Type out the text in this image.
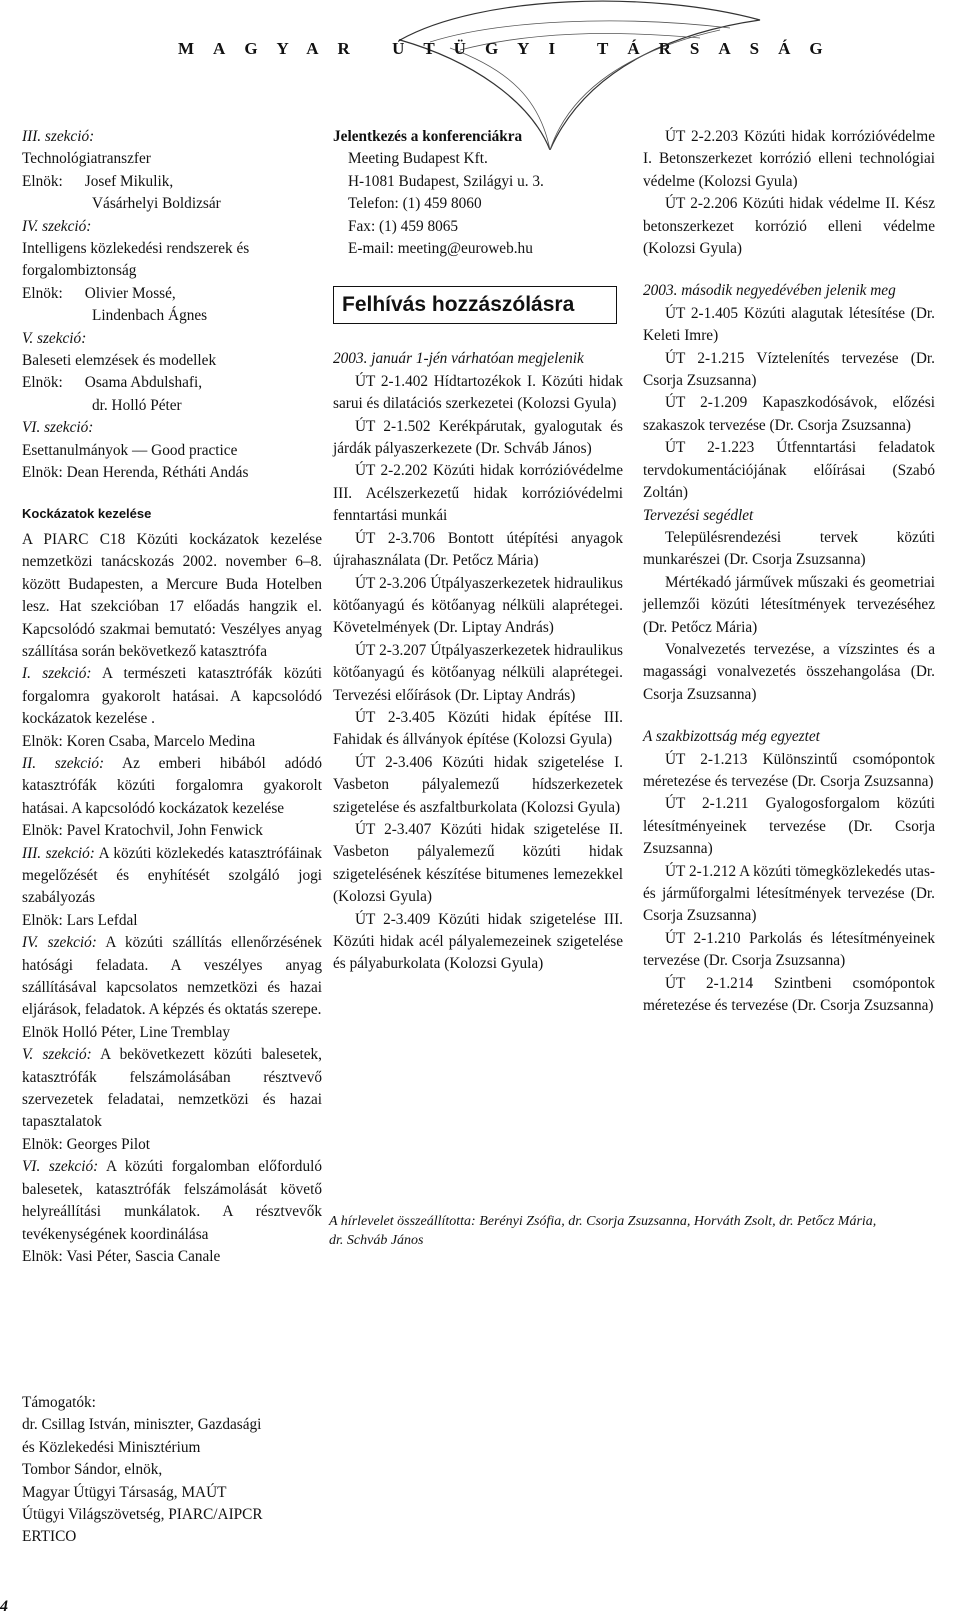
MAGYAR ÚTÜGYI TÁRSASÁG
III. szekció:
Technológiatranszfer
Elnök: Josef Mikulik,
Vásárhelyi Boldizsár
IV. szekció:
Intelligens közlekedési rendszerek és forgalombiztonság
Elnök: Olivier Mossé,
Lindenbach Ágnes
V. szekció:
Baleseti elemzések és modellek
Elnök: Osama Abdulshafi,
dr. Holló Péter
VI. szekció:
Esettanulmányok — Good practice
Elnök: Dean Herenda, Rétháti Andás
Kockázatok kezelése

A PIARC C18 Közúti kockázatok kezelése nemzetközi tanácskozás 2002. november 6–8. között Budapesten, a Mercure Buda Hotelben lesz. Hat szekcióban 17 előadás hangzik el. Kapcsolódó szakmai bemutató: Veszélyes anyag szállítása során bekövetkező katasztrófa

I. szekció: A természeti katasztrófák közúti forgalomra gyakorolt hatásai. A kapcsolódó kockázatok kezelése .

Elnök: Koren Csaba, Marcelo Medina

II. szekció: Az emberi hibából adódó katasztrófák közúti forgalomra gyakorolt hatásai. A kapcsolódó kockázatok kezelése

Elnök: Pavel Kratochvil, John Fenwick

III. szekció: A közúti közlekedés katasztrófáinak megelőzését és enyhítését szolgáló jogi szabályozás

Elnök: Lars Lefdal

IV. szekció: A közúti szállítás ellenőrzésének hatósági feladata. A veszélyes anyag szállításával kapcsolatos nemzetközi és hazai eljárások, feladatok. A képzés és oktatás szerepe.

Elnök Holló Péter, Line Tremblay

V. szekció: A bekövetkezett közúti balesetek, katasztrófák felszámolásában résztvevő szervezetek feladatai, nemzetközi és hazai tapasztalatok

Elnök: Georges Pilot

VI. szekció: A közúti forgalomban előforduló balesetek, katasztrófák felszámolását követő helyreállítási munkálatok. A résztvevők tevékenységének koordinálása

Elnök: Vasi Péter, Sascia Canale
Támogatók:
dr. Csillag István, miniszter, Gazdasági
és Közlekedési Minisztérium
Tombor Sándor, elnök,
Magyar Útügyi Társaság, MAÚT
Útügyi Világszövetség, PIARC/AIPCR
ERTICO
Jelentkezés a konferenciákra
Meeting Budapest Kft.
H-1081 Budapest, Szilágyi u. 3.
Telefon: (1) 459 8060
Fax: (1) 459 8065
E-mail: meeting@euroweb.hu
Felhívás hozzászólásra
2003. január 1-jén várhatóan megjelenik

ÚT 2-1.402 Hídtartozékok I. Közúti hidak sarui és dilatációs szerkezetei (Kolozsi Gyula)

ÚT 2-1.502 Kerékpárutak, gyalogutak és járdák pályaszerkezete (Dr. Schváb János)

ÚT 2-2.202 Közúti hidak korrózióvédelme III. Acélszerkezetű hidak korrózióvédelmi fenntartási munkái

ÚT 2-3.706 Bontott útépítési anyagok újrahasználata (Dr. Petőcz Mária)

ÚT 2-3.206 Útpályaszerkezetek hidraulikus kötőanyagú és kötőanyag nélküli alaprétegei. Követelmények (Dr. Liptay András)

ÚT 2-3.207 Útpályaszerkezetek hidraulikus kötőanyagú és kötőanyag nélküli alaprétegei. Tervezési előírások (Dr. Liptay András)

ÚT 2-3.405 Közúti hidak építése III. Fahidak és állványok építése (Kolozsi Gyula)

ÚT 2-3.406 Közúti hidak szigetelése I. Vasbeton pályalemezű hídszerkezetek szigetelése és aszfaltburkolata (Kolozsi Gyula)

ÚT 2-3.407 Közúti hidak szigetelése II. Vasbeton pályalemezű közúti hidak szigetelésének készítése bitumenes lemezekkel (Kolozsi Gyula)

ÚT 2-3.409 Közúti hidak szigetelése III. Közúti hidak acél pályalemezeinek szigetelése és pályaburkolata (Kolozsi Gyula)

ÚT 2-2.203 Közúti hidak korrózióvédelme I. Betonszerkezet korrózió elleni technológiai védelme (Kolozsi Gyula)

ÚT 2-2.206 Közúti hidak védelme II. Kész betonszerkezet korrózió elleni védelme (Kolozsi Gyula)

2003. második negyedévében jelenik meg

ÚT 2-1.405 Közúti alagutak létesítése (Dr. Keleti Imre)

ÚT 2-1.215 Víztelenítés tervezése (Dr. Csorja Zsuzsanna)

ÚT 2-1.209 Kapaszkodósávok, előzési szakaszok tervezése (Dr. Csorja Zsuzsanna)

ÚT 2-1.223 Útfenntartási feladatok tervdokumentációjának előírásai (Szabó Zoltán)

Tervezési segédlet

Településrendezési tervek közúti munkarészei (Dr. Csorja Zsuzsanna)

Mértékadó járművek műszaki és geometriai jellemzői közúti létesítmények tervezéséhez (Dr. Petőcz Mária)

Vonalvezetés tervezése, a vízszintes és a magassági vonalvezetés összehangolása (Dr. Csorja Zsuzsanna)

A szakbizottság még egyeztet

ÚT 2-1.213 Különszintű csomópontok méretezése és tervezése (Dr. Csorja Zsuzsanna)

ÚT 2-1.211 Gyalogosforgalom közúti létesítményeinek tervezése (Dr. Csorja Zsuzsanna)

ÚT 2-1.212 A közúti tömegközlekedés utas- és járműforgalmi létesítmények tervezése (Dr. Csorja Zsuzsanna)

ÚT 2-1.210 Parkolás és létesítményeinek tervezése (Dr. Csorja Zsuzsanna)

ÚT 2-1.214 Szintbeni csomópontok méretezése és tervezése (Dr. Csorja Zsuzsanna)

A hírlevelet összeállította: Berényi Zsófia, dr. Csorja Zsuzsanna, Horváth Zsolt, dr. Petőcz Mária, dr. Schváb János
4
